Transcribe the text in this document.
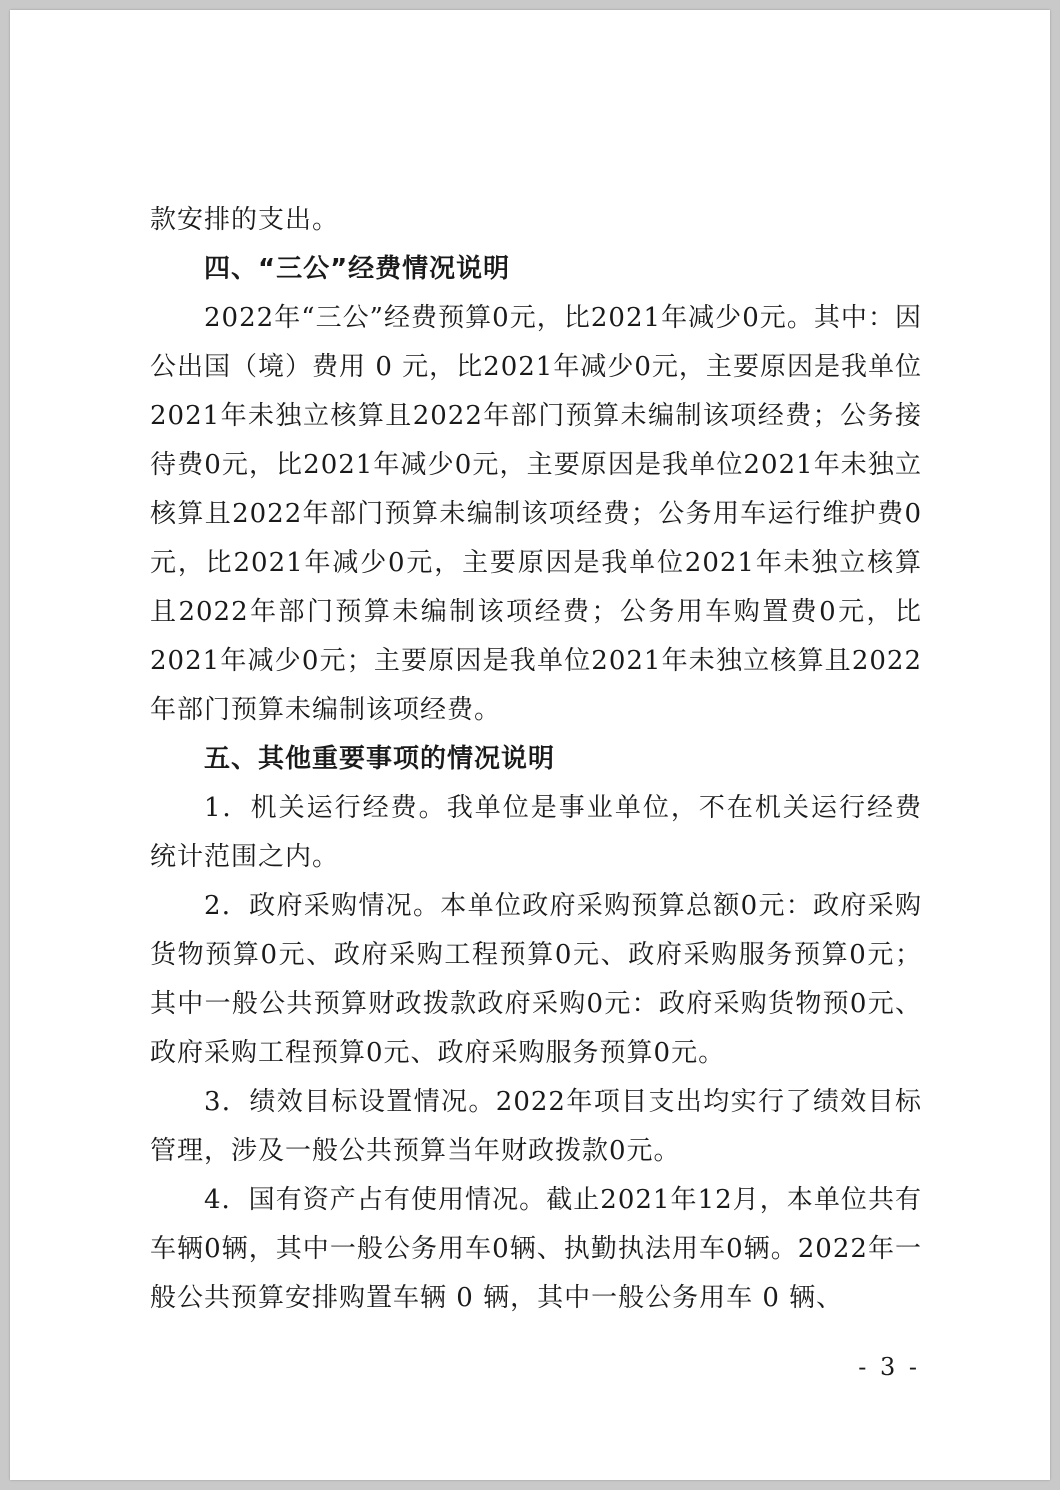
款安排的支出。

四、“三公”经费情况说明

2022年“三公”经费预算0元，比2021年减少0元。其中：因公出国（境）费用 0 元，比2021年减少0元，主要原因是我单位2021年未独立核算且2022年部门预算未编制该项经费；公务接待费0元，比2021年减少0元，主要原因是我单位2021年未独立核算且2022年部门预算未编制该项经费；公务用车运行维护费0元，比2021年减少0元，主要原因是我单位2021年未独立核算且2022年部门预算未编制该项经费；公务用车购置费0元，比2021年减少0元；主要原因是我单位2021年未独立核算且2022年部门预算未编制该项经费。

五、其他重要事项的情况说明

1．机关运行经费。我单位是事业单位，不在机关运行经费统计范围之内。

2．政府采购情况。本单位政府采购预算总额0元：政府采购货物预算0元、政府采购工程预算0元、政府采购服务预算0元；其中一般公共预算财政拨款政府采购0元：政府采购货物预0元、政府采购工程预算0元、政府采购服务预算0元。

3．绩效目标设置情况。2022年项目支出均实行了绩效目标管理，涉及一般公共预算当年财政拨款0元。

4．国有资产占有使用情况。截止2021年12月，本单位共有车辆0辆，其中一般公务用车0辆、执勤执法用车0辆。2022年一般公共预算安排购置车辆 0 辆，其中一般公务用车 0 辆、

- 3 -
